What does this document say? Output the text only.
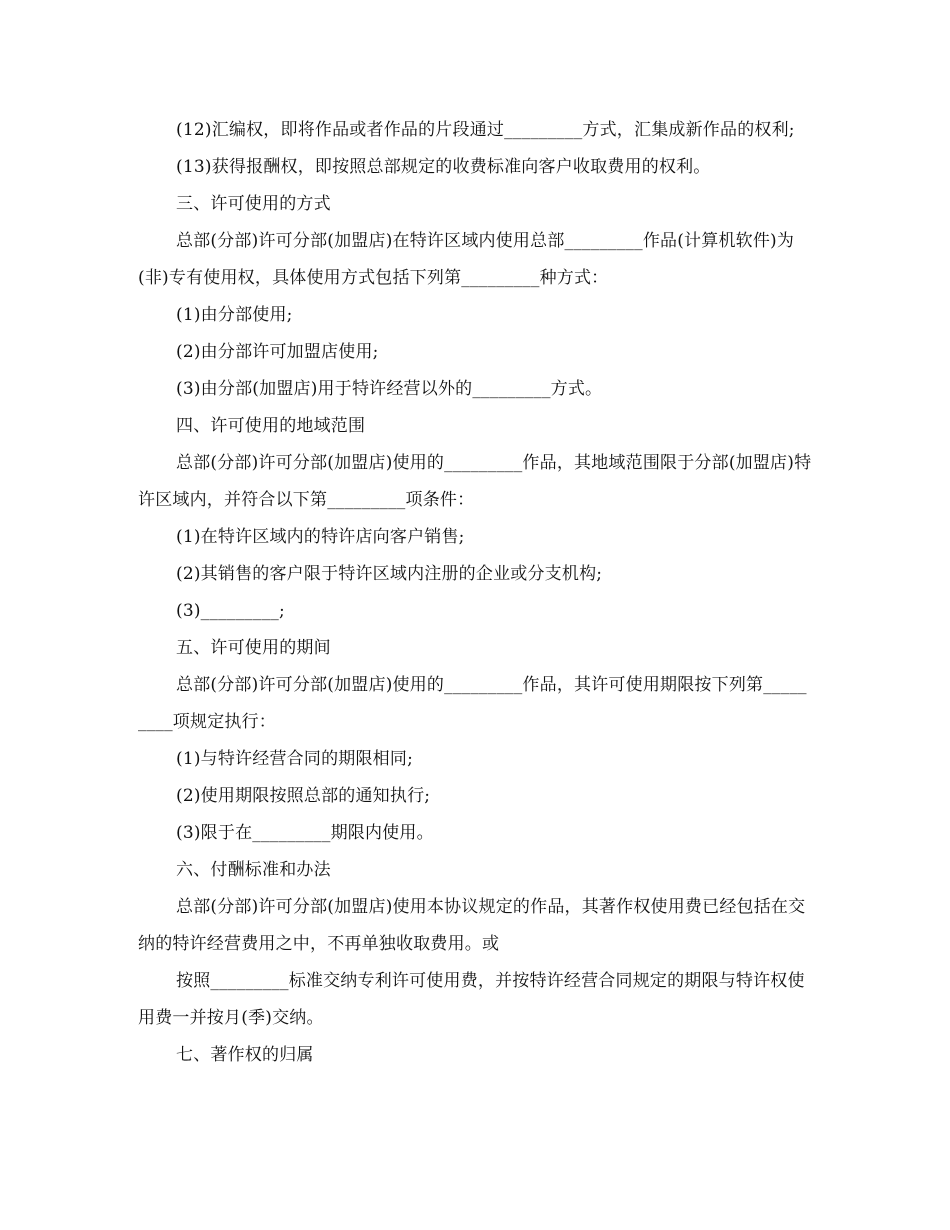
(12)汇编权，即将作品或者作品的片段通过_________方式，汇集成新作品的权利;

(13)获得报酬权，即按照总部规定的收费标准向客户收取费用的权利。

三、许可使用的方式

总部(分部)许可分部(加盟店)在特许区域内使用总部_________作品(计算机软件)为(非)专有使用权，具体使用方式包括下列第_________种方式：

(1)由分部使用;

(2)由分部许可加盟店使用;

(3)由分部(加盟店)用于特许经营以外的_________方式。

四、许可使用的地域范围

总部(分部)许可分部(加盟店)使用的_________作品，其地域范围限于分部(加盟店)特许区域内，并符合以下第_________项条件：

(1)在特许区域内的特许店向客户销售;

(2)其销售的客户限于特许区域内注册的企业或分支机构;

(3)_________;

五、许可使用的期间

总部(分部)许可分部(加盟店)使用的_________作品，其许可使用期限按下列第_________项规定执行：

(1)与特许经营合同的期限相同;

(2)使用期限按照总部的通知执行;

(3)限于在_________期限内使用。

六、付酬标准和办法

总部(分部)许可分部(加盟店)使用本协议规定的作品，其著作权使用费已经包括在交纳的特许经营费用之中，不再单独收取费用。或

按照_________标准交纳专利许可使用费，并按特许经营合同规定的期限与特许权使用费一并按月(季)交纳。

七、著作权的归属
